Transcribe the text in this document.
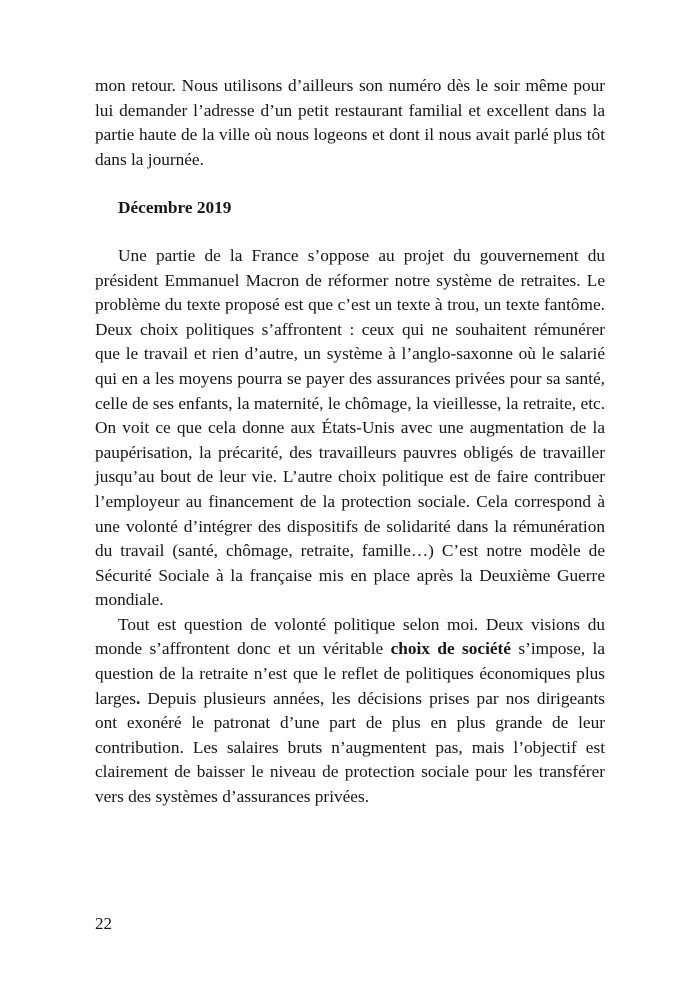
mon retour. Nous utilisons d’ailleurs son numéro dès le soir même pour lui demander l’adresse d’un petit restaurant familial et excellent dans la partie haute de la ville où nous logeons et dont il nous avait parlé plus tôt dans la journée.

Décembre 2019

Une partie de la France s’oppose au projet du gouvernement du président Emmanuel Macron de réformer notre système de retraites. Le problème du texte proposé est que c’est un texte à trou, un texte fantôme. Deux choix politiques s’affrontent : ceux qui ne souhaitent rémunérer que le travail et rien d’autre, un système à l’anglo-saxonne où le salarié qui en a les moyens pourra se payer des assurances privées pour sa santé, celle de ses enfants, la maternité, le chômage, la vieillesse, la retraite, etc. On voit ce que cela donne aux États-Unis avec une augmentation de la paupérisation, la précarité, des travailleurs pauvres obligés de travailler jusqu’au bout de leur vie. L’autre choix politique est de faire contribuer l’employeur au financement de la protection sociale. Cela correspond à une volonté d’intégrer des dispositifs de solidarité dans la rémunération du travail (santé, chômage, retraite, famille…) C’est notre modèle de Sécurité Sociale à la française mis en place après la Deuxième Guerre mondiale.

Tout est question de volonté politique selon moi. Deux visions du monde s’affrontent donc et un véritable choix de société s’impose, la question de la retraite n’est que le reflet de politiques économiques plus larges. Depuis plusieurs années, les décisions prises par nos dirigeants ont exonéré le patronat d’une part de plus en plus grande de leur contribution. Les salaires bruts n’augmentent pas, mais l’objectif est clairement de baisser le niveau de protection sociale pour les transférer vers des systèmes d’assurances privées.

22
